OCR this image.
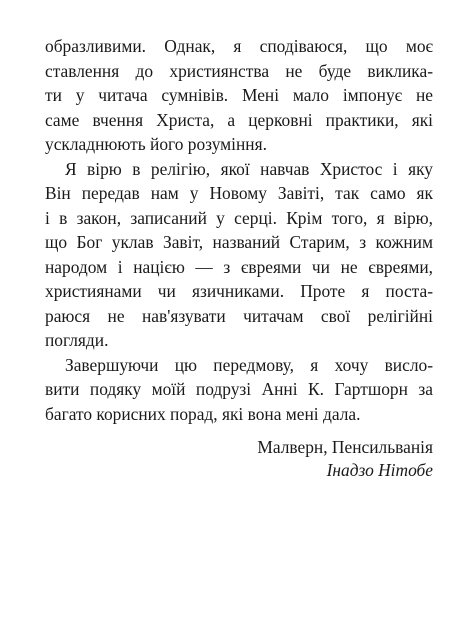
образливими. Однак, я сподіваюся, що моє
ставлення до християнства не буде виклика-
ти у читача сумнівів. Мені мало імпонує не
саме вчення Христа, а церковні практики, які
ускладнюють його розуміння.
Я вірю в релігію, якої навчав Христос і яку
Він передав нам у Новому Завіті, так само як
і в закон, записаний у серці. Крім того, я вірю,
що Бог уклав Завіт, названий Старим, з кожним
народом і нацією — з євреями чи не євреями,
християнами чи язичниками. Проте я поста-
раюся не нав'язувати читачам свої релігійні
погляди.
Завершуючи цю передмову, я хочу вислo-
вити подяку моїй подрузі Анні К. Гартшорн за
багато корисних порад, які вона мені дала.
Малверн, Пенсильванія
Інадзо Нітобе
